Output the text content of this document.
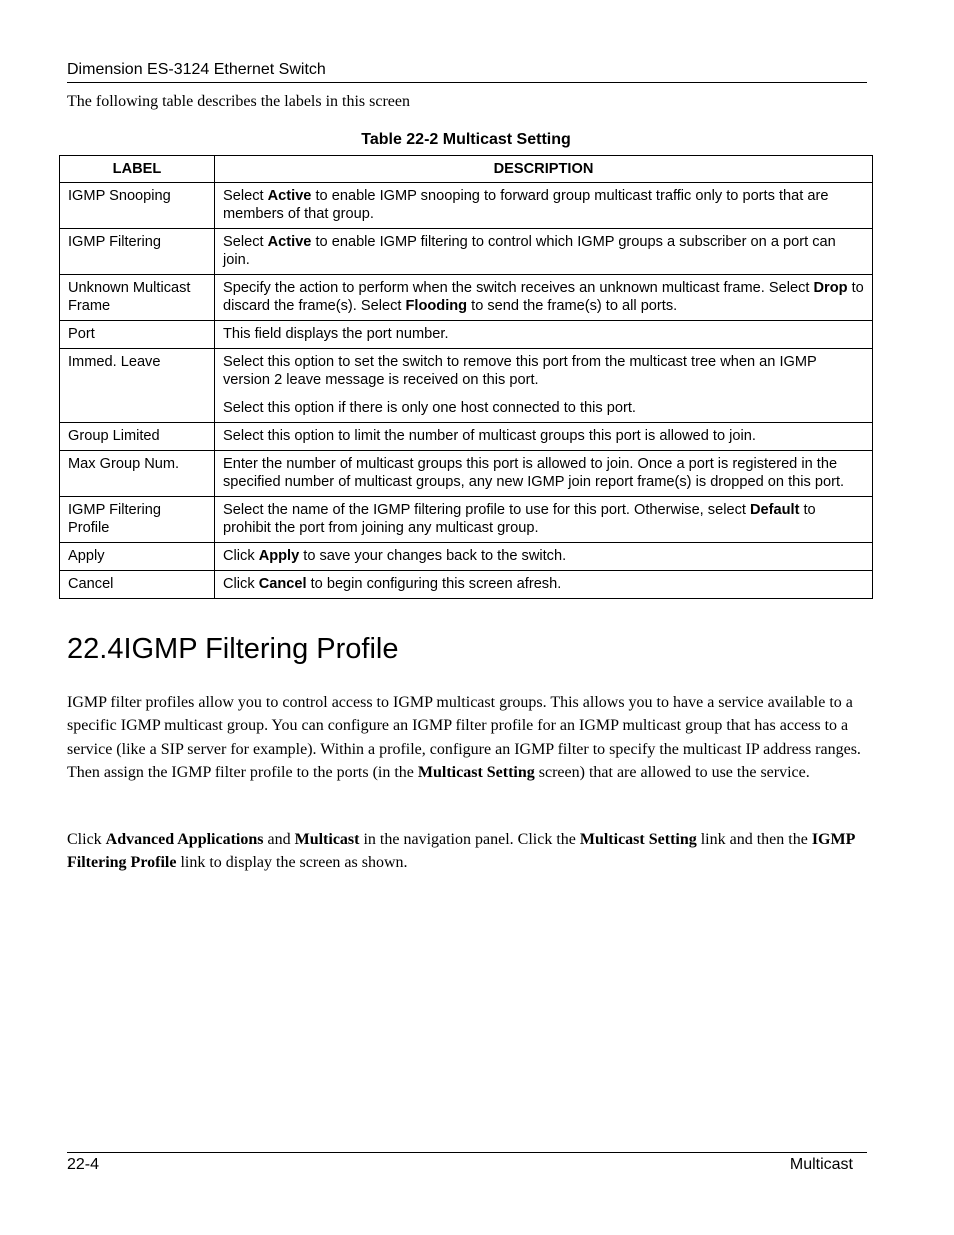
Dimension ES-3124 Ethernet Switch
The following table describes the labels in this screen
Table 22-2 Multicast Setting
LABEL	DESCRIPTION
IGMP Snooping	Select Active to enable IGMP snooping to forward group multicast traffic only to ports that are members of that group.

IGMP Filtering	Select Active to enable IGMP filtering to control which IGMP groups a subscriber on a port can join.

Unknown Multicast Frame	Specify the action to perform when the switch receives an unknown multicast frame. Select Drop to discard the frame(s). Select Flooding to send the frame(s) to all ports.

Port	This field displays the port number.

Immed. Leave	Select this option to set the switch to remove this port from the multicast tree when an IGMP version 2 leave message is received on this port.

Select this option if there is only one host connected to this port.

Group Limited	Select this option to limit the number of multicast groups this port is allowed to join.

Max Group Num.	Enter the number of multicast groups this port is allowed to join. Once a port is registered in the specified number of multicast groups, any new IGMP join report frame(s) is dropped on this port.

IGMP Filtering Profile	Select the name of the IGMP filtering profile to use for this port. Otherwise, select Default to prohibit the port from joining any multicast group.

Apply	Click Apply to save your changes back to the switch.

Cancel	Click Cancel to begin configuring this screen afresh.

22.4IGMP Filtering Profile

IGMP filter profiles allow you to control access to IGMP multicast groups. This allows you to have a service available to a specific IGMP multicast group. You can configure an IGMP filter profile for an IGMP multicast group that has access to a service (like a SIP server for example). Within a profile, configure an IGMP filter to specify the multicast IP address ranges. Then assign the IGMP filter profile to the ports (in the Multicast Setting screen) that are allowed to use the service.

Click Advanced Applications and Multicast in the navigation panel. Click the Multicast Setting link and then the IGMP Filtering Profile link to display the screen as shown.

22-4	Multicast
